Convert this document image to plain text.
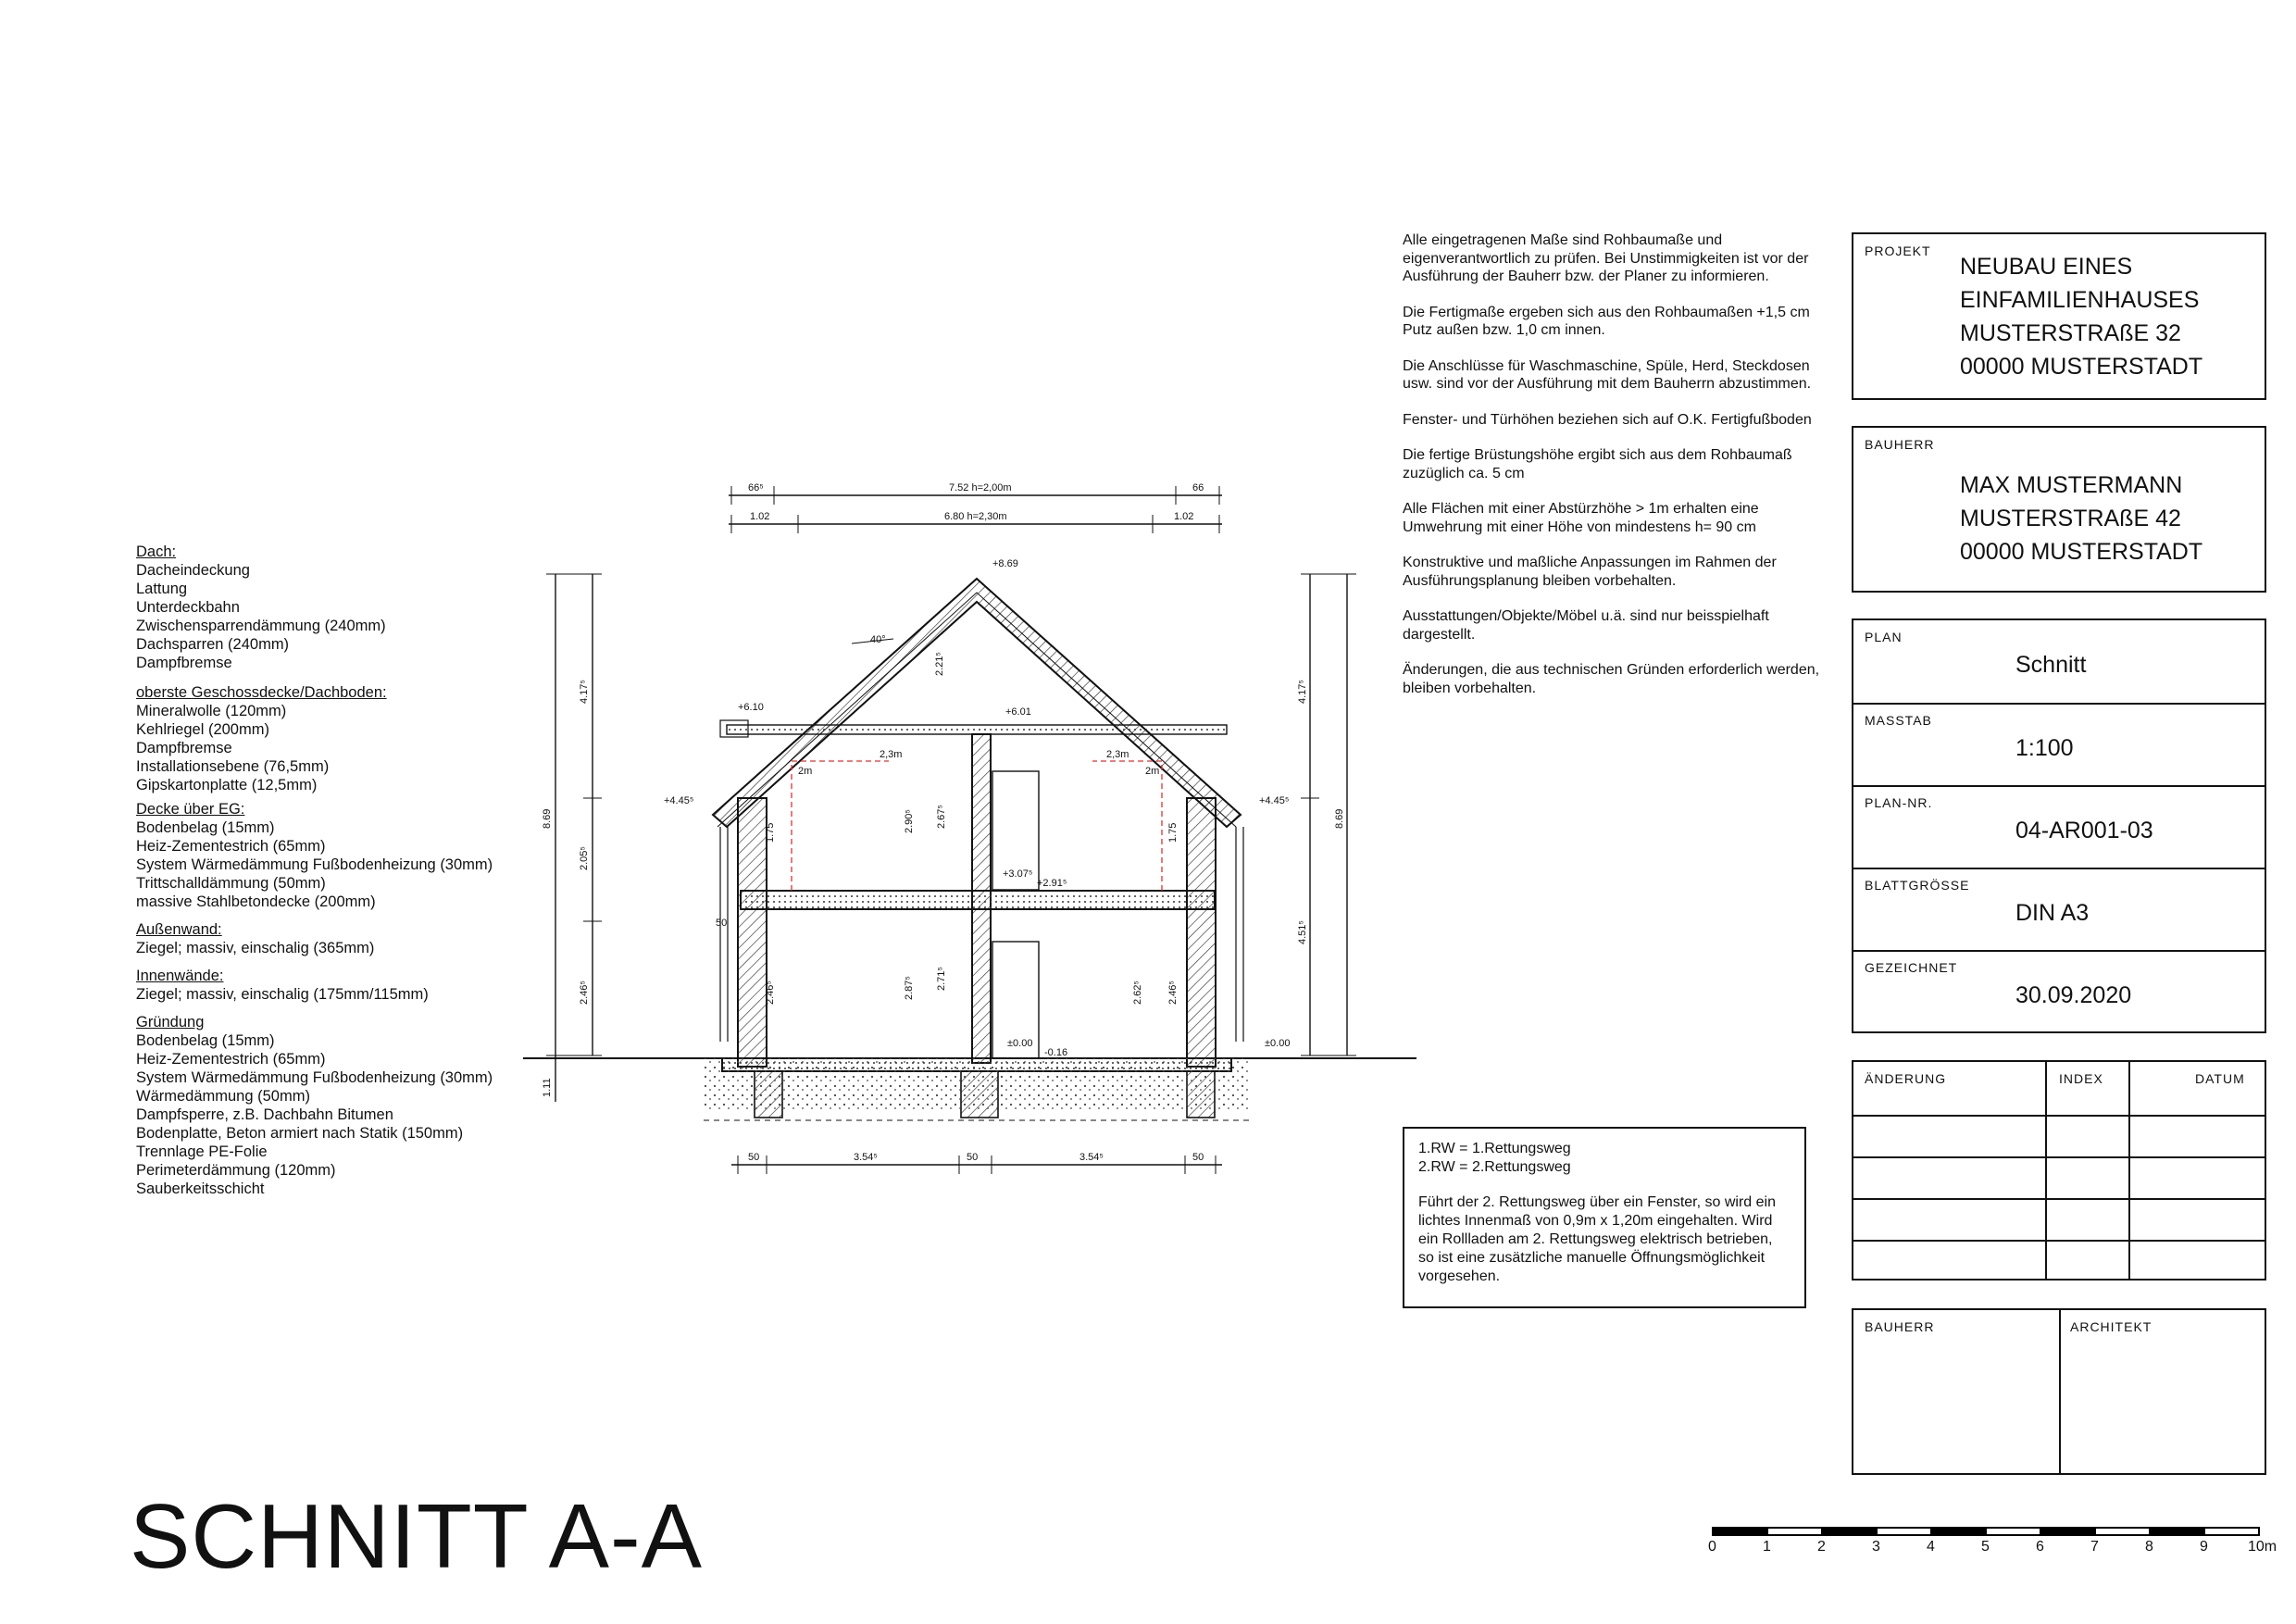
Dach:
Dacheindeckung
Lattung
Unterdeckbahn
Zwischensparrendämmung (240mm)
Dachsparren (240mm)
Dampfbremse
oberste Geschossdecke/Dachboden:
Mineralwolle (120mm)
Kehlriegel (200mm)
Dampfbremse
Installationsebene (76,5mm)
Gipskartonplatte (12,5mm)
Decke über EG:
Bodenbelag (15mm)
Heiz-Zementestrich (65mm)
System Wärmedämmung Fußbodenheizung (30mm)
Trittschalldämmung (50mm)
massive Stahlbetondecke (200mm)
Außenwand:
Ziegel; massiv, einschalig (365mm)
Innenwände:
Ziegel; massiv, einschalig (175mm/115mm)
Gründung
Bodenbelag (15mm)
Heiz-Zementestrich (65mm)
System Wärmedämmung Fußbodenheizung (30mm)
Wärmedämmung (50mm)
Dampfsperre, z.B. Dachbahn Bitumen
Bodenplatte, Beton armiert nach Statik (150mm)
Trennlage PE-Folie
Perimeterdämmung (120mm)
Sauberkeitsschicht
66⁵	7.52 h=2,00m	66
1.02	6.80 h=2,30m	1.02
50	3.54⁵	50	3.54⁵	50
4.17⁵
2.05⁵
2.46⁵
8.69
1.11
4.17⁵
4.51⁵
8.69
+8.69
+4.45⁵	+4.45⁵
+3.07⁵
+2.91⁵
+6.10	+6.01
±0.00
-0.16
±0.00
40°
2.21⁵
2.90⁵ 2.67⁵
1.75	1.75
2.87⁵ 2.71⁵
2.62⁵
2.46⁵	2.46⁵
2,3m	2,3m
2m	2m
50

Alle eingetragenen Maße sind Rohbaumaße und eigenverantwortlich zu prüfen. Bei Unstimmigkeiten ist vor der Ausführung der Bauherr bzw. der Planer zu informieren.

Die Fertigmaße ergeben sich aus den Rohbaumaßen +1,5 cm Putz außen bzw. 1,0 cm innen.

Die Anschlüsse für Waschmaschine, Spüle, Herd, Steckdosen usw. sind vor der Ausführung mit dem Bauherrn abzustimmen.

Fenster- und Türhöhen beziehen sich auf O.K. Fertigfußboden

Die fertige Brüstungshöhe ergibt sich aus dem Rohbaumaß zuzüglich ca. 5 cm

Alle Flächen mit einer Abstürzhöhe > 1m erhalten eine Umwehrung mit einer Höhe von mindestens h= 90 cm

Konstruktive und maßliche Anpassungen im Rahmen der Ausführungsplanung bleiben vorbehalten.

Ausstattungen/Objekte/Möbel u.ä. sind nur beisspielhaft dargestellt.

Änderungen, die aus technischen Gründen erforderlich werden, bleiben vorbehalten.

1.RW = 1.Rettungsweg

2.RW = 2.Rettungsweg

Führt der 2. Rettungsweg über ein Fenster, so wird ein lichtes Innenmaß von 0,9m x 1,20m eingehalten. Wird ein Rollladen am 2. Rettungsweg elektrisch betrieben, so ist eine zusätzliche manuelle Öffnungsmöglichkeit vorgesehen.
PROJEKT
NEUBAU EINES
EINFAMILIENHAUSES
MUSTERSTRAßE 32
00000 MUSTERSTADT
BAUHERR
MAX MUSTERMANN
MUSTERSTRAßE 42
00000 MUSTERSTADT
PLAN
Schnitt
MASSTAB
1:100
PLAN-NR.
04-AR001-03
BLATTGRÖSSE
DIN A3
GEZEICHNET
30.09.2020
ÄNDERUNG	INDEX	DATUM
BAUHERR	ARCHITEKT
0	1	2	3	4	5	6	7	8	9	10m
SCHNITT A-A
